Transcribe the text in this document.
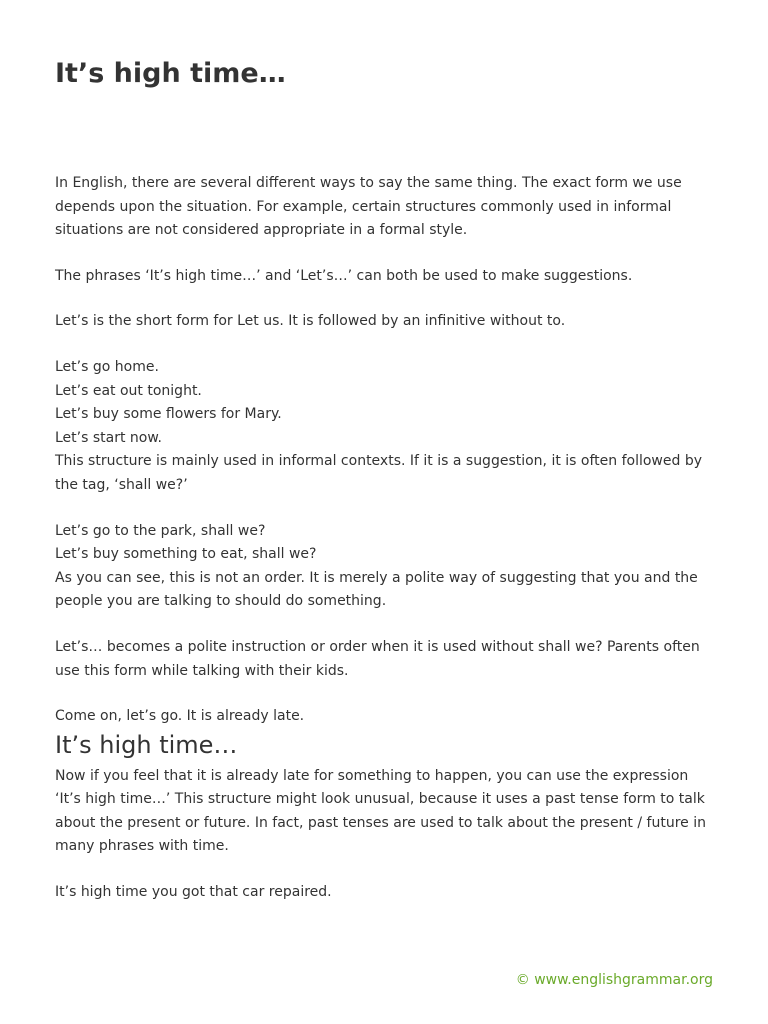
It’s high time…

In English, there are several different ways to say the same thing. The exact form we use depends upon the situation. For example, certain structures commonly used in informal situations are not considered appropriate in a formal style.

The phrases ‘It’s high time…’ and ‘Let’s…’ can both be used to make suggestions.

Let’s is the short form for Let us. It is followed by an infinitive without to.

Let’s go home.

Let’s eat out tonight.

Let’s buy some flowers for Mary.

Let’s start now.

This structure is mainly used in informal contexts. If it is a suggestion, it is often followed by the tag, ‘shall we?’

Let’s go to the park, shall we?

Let’s buy something to eat, shall we?

As you can see, this is not an order. It is merely a polite way of suggesting that you and the people you are talking to should do something.

Let’s… becomes a polite instruction or order when it is used without shall we? Parents often use this form while talking with their kids.

Come on, let’s go. It is already late.

It’s high time…

Now if you feel that it is already late for something to happen, you can use the expression ‘It’s high time…’ This structure might look unusual, because it uses a past tense form to talk about the present or future. In fact, past tenses are used to talk about the present / future in many phrases with time.

It’s high time you got that car repaired.

© www.englishgrammar.org
